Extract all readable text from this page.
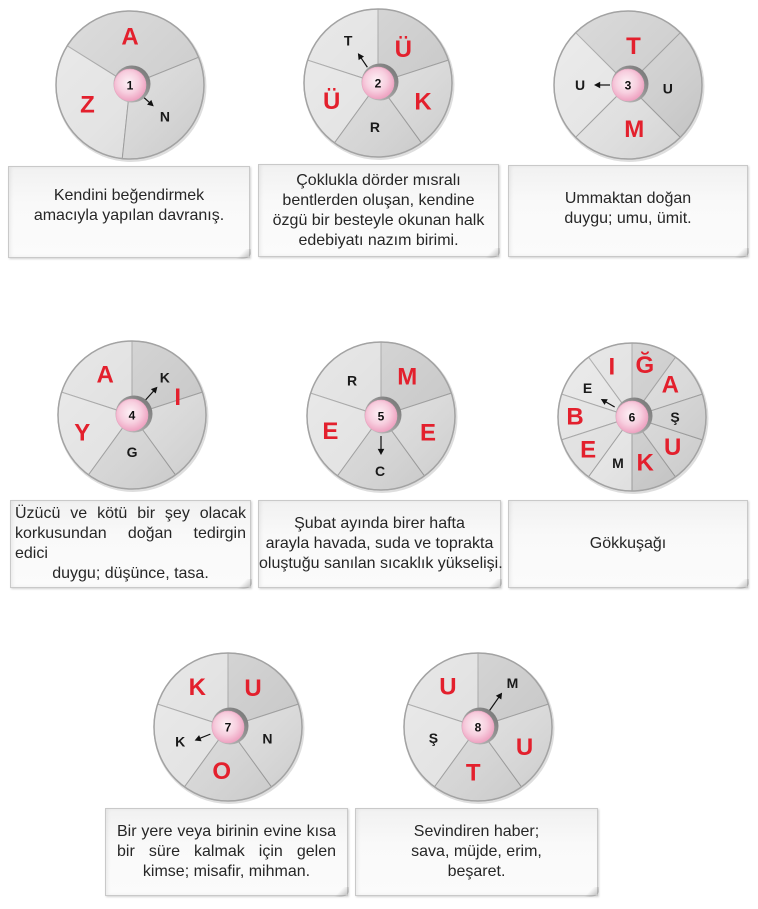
A
Z	N
1
T Ü
K
R
Ü
2
T
U
M
U
3
A	K
I
G
Y
4
R M
E
C
E
5
I Ğ
A
Ş
U
K
M
E
B
E
6
K U
N
O
K
7
U	M
U
T
Ş
8
Kendini beğendirmek
amacıyla yapılan davranış.
Çoklukla dörder mısralı
bentlerden oluşan, kendine
özgü bir besteyle okunan halk
edebiyatı nazım birimi.
Ummaktan doğan
duygu; umu, ümit.
Üzücü ve kötü bir şey olacak
korkusundan doğan tedirgin edici
duygu; düşünce, tasa.
Şubat ayında birer hafta
arayla havada, suda ve toprakta
oluştuğu sanılan sıcaklık yükselişi.
Gökkuşağı
Bir yere veya birinin evine kısa
bir süre kalmak için gelen
kimse; misafir, mihman.
Sevindiren haber;
sava, müjde, erim,
beşaret.
